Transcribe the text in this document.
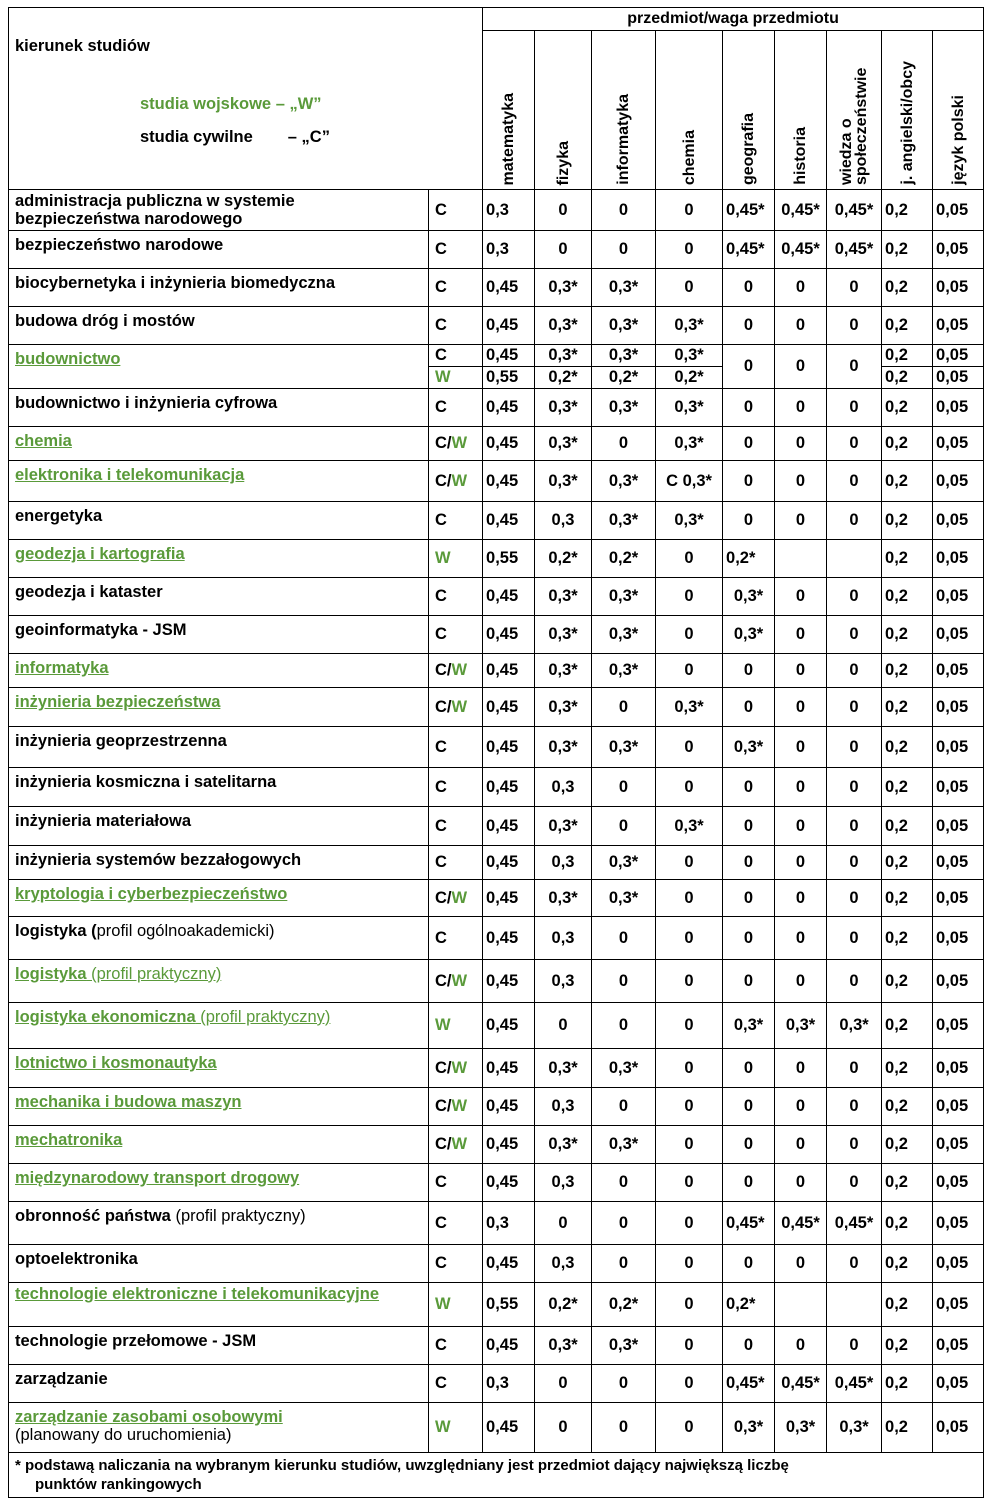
kierunek studiów
studia wojskowe – „W”
studia cywilne – „C”		przedmiot/waga przedmiotu								

		matematyka	fizyka	informatyka	chemia	geografia	historia	wiedza o społeczeństwie	j. angielski/obcy	język polski

administracja publiczna w systemie bezpieczeństwa narodowego	C	0,3	0	0	0	0,45*	0,45*	0,45*	0,2	0,05

bezpieczeństwo narodowe	C	0,3	0	0	0	0,45*	0,45*	0,45*	0,2	0,05

biocybernetyka i inżynieria biomedyczna	C	0,45	0,3*	0,3*	0	0	0	0	0,2	0,05

budowa dróg i mostów	C	0,45	0,3*	0,3*	0,3*	0	0	0	0,2	0,05

budownictwo	C	0,45	0,3*	0,3*	0,3*	0	0	0	0,2	0,05
	W	0,55	0,2*	0,2*	0,2*				0,2	0,05

budownictwo i inżynieria cyfrowa	C	0,45	0,3*	0,3*	0,3*	0	0	0	0,2	0,05

chemia	C/W	0,45	0,3*	0	0,3*	0	0	0	0,2	0,05

elektronika i telekomunikacja	C/W	0,45	0,3*	0,3*	C 0,3*	0	0	0	0,2	0,05

energetyka	C	0,45	0,3	0,3*	0,3*	0	0	0	0,2	0,05

geodezja i kartografia	W	0,55	0,2*	0,2*	0	0,2*			0,2	0,05

geodezja i kataster	C	0,45	0,3*	0,3*	0	0,3*	0	0	0,2	0,05

geoinformatyka - JSM	C	0,45	0,3*	0,3*	0	0,3*	0	0	0,2	0,05

informatyka	C/W	0,45	0,3*	0,3*	0	0	0	0	0,2	0,05

inżynieria bezpieczeństwa	C/W	0,45	0,3*	0	0,3*	0	0	0	0,2	0,05

inżynieria geoprzestrzenna	C	0,45	0,3*	0,3*	0	0,3*	0	0	0,2	0,05

inżynieria kosmiczna i satelitarna	C	0,45	0,3	0	0	0	0	0	0,2	0,05

inżynieria materiałowa	C	0,45	0,3*	0	0,3*	0	0	0	0,2	0,05

inżynieria systemów bezzałogowych	C	0,45	0,3	0,3*	0	0	0	0	0,2	0,05

kryptologia i cyberbezpieczeństwo	C/W	0,45	0,3*	0,3*	0	0	0	0	0,2	0,05
logistyka (profil ogólnoakademicki)	C	0,45	0,3	0	0	0	0	0	0,2	0,05
logistyka (profil praktyczny)	C/W	0,45	0,3	0	0	0	0	0	0,2	0,05
logistyka ekonomiczna (profil praktyczny)	W	0,45	0	0	0	0,3*	0,3*	0,3*	0,2	0,05

lotnictwo i kosmonautyka	C/W	0,45	0,3*	0,3*	0	0	0	0	0,2	0,05

mechanika i budowa maszyn	C/W	0,45	0,3	0	0	0	0	0	0,2	0,05

mechatronika	C/W	0,45	0,3*	0,3*	0	0	0	0	0,2	0,05

międzynarodowy transport drogowy	C	0,45	0,3	0	0	0	0	0	0,2	0,05
obronność państwa (profil praktyczny)	C	0,3	0	0	0	0,45*	0,45*	0,45*	0,2	0,05

optoelektronika	C	0,45	0,3	0	0	0	0	0	0,2	0,05

technologie elektroniczne i telekomunikacyjne	W	0,55	0,2*	0,2*	0	0,2*			0,2	0,05

technologie przełomowe - JSM	C	0,45	0,3*	0,3*	0	0	0	0	0,2	0,05

zarządzanie	C	0,3	0	0	0	0,45*	0,45*	0,45*	0,2	0,05

zarządzanie zasobami osobowymi
(planowany do uruchomienia)	W	0,45	0	0	0	0,3*	0,3*	0,3*	0,2	0,05
* podstawą naliczania na wybranym kierunku studiów, uwzględniany jest przedmiot dający największą liczbę
punktów rankingowych										
